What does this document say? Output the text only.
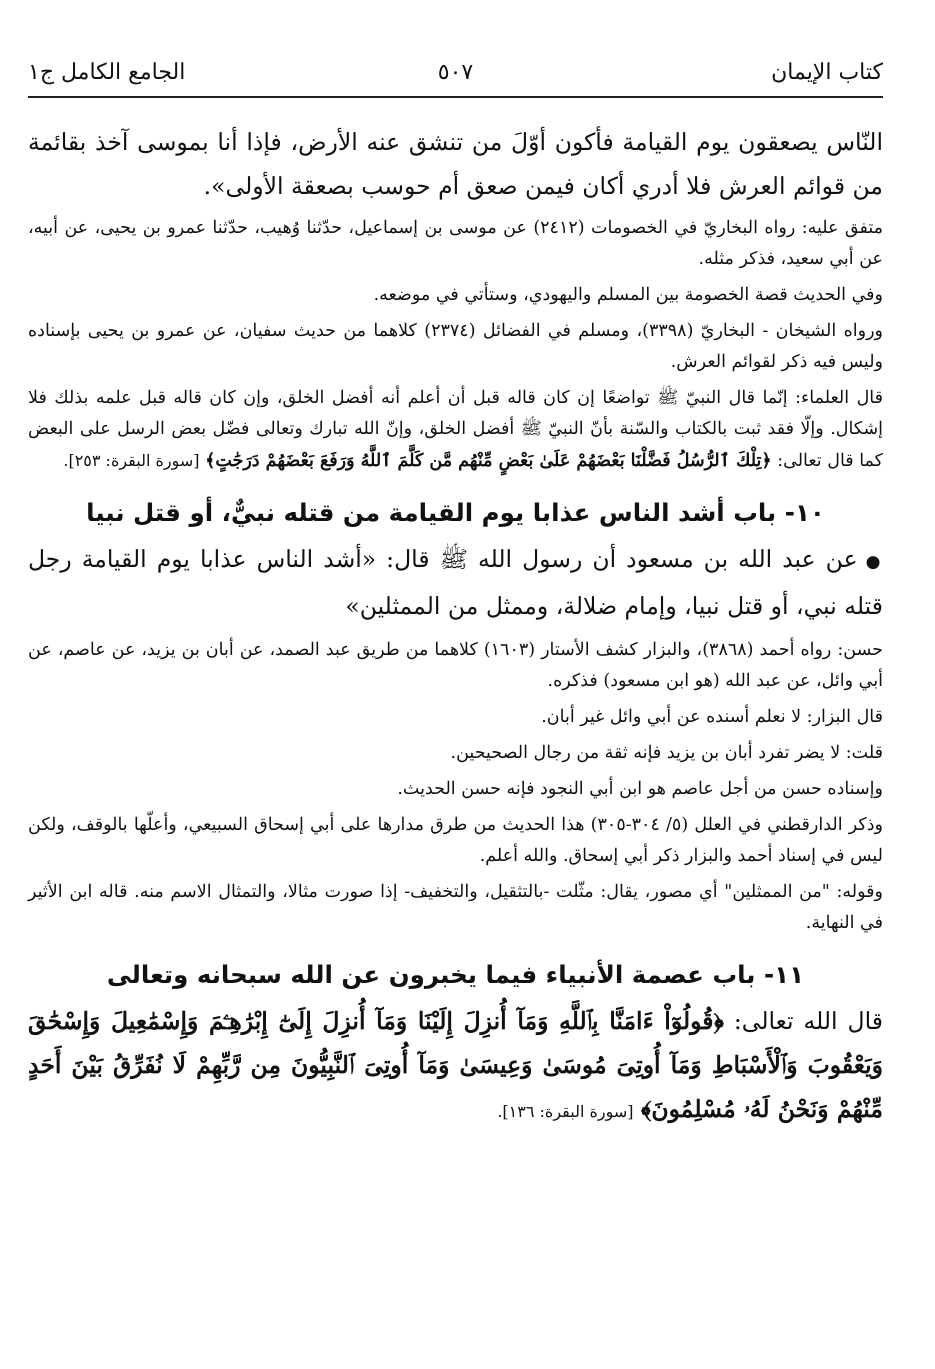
كتاب الإيمان
٥٠٧
الجامع الكامل ج١
النّاس يصعقون يوم القيامة فأكون أوّلَ من تنشق عنه الأرض، فإذا أنا بموسى آخذ بقائمة من قوائم العرش فلا أدري أكان فيمن صعق أم حوسب بصعقة الأولى».
متفق عليه: رواه البخاريّ في الخصومات (٢٤١٢) عن موسى بن إسماعيل، حدّثنا وُهيب، حدّثنا عمرو بن يحيى، عن أبيه، عن أبي سعيد، فذكر مثله.
وفي الحديث قصة الخصومة بين المسلم واليهودي، وستأتي في موضعه.
ورواه الشيخان - البخاريّ (٣٣٩٨)، ومسلم في الفضائل (٢٣٧٤) كلاهما من حديث سفيان، عن عمرو بن يحيى بإسناده وليس فيه ذكر لقوائم العرش.
قال العلماء: إنّما قال النبيّ ﷺ تواضعًا إن كان قاله قبل أن أعلم أنه أفضل الخلق، وإن كان قاله قبل علمه بذلك فلا إشكال. وإلّا فقد ثبت بالكتاب والسّنة بأنّ النبيّ ﷺ أفضل الخلق، وإنّ الله تبارك وتعالى فضّل بعض الرسل على البعض كما قال تعالى: ﴿تِلْكَ ٱلرُّسُلُ فَضَّلْنَا بَعْضَهُمْ عَلَىٰ بَعْضٍ مِّنْهُم مَّن كَلَّمَ ٱللَّهُ وَرَفَعَ بَعْضَهُمْ دَرَجَٰتٍ﴾ [سورة البقرة: ٢٥٣].
١٠- باب أشد الناس عذابا يوم القيامة من قتله نبيٌّ، أو قتل نبيا
●عن عبد الله بن مسعود أن رسول الله ﷺ قال: «أشد الناس عذابا يوم القيامة رجل قتله نبي، أو قتل نبيا، وإمام ضلالة، وممثل من الممثلين»
حسن: رواه أحمد (٣٨٦٨)، والبزار كشف الأستار (١٦٠٣) كلاهما من طريق عبد الصمد، عن أبان بن يزيد، عن عاصم، عن أبي وائل، عن عبد الله (هو ابن مسعود) فذكره.
قال البزار: لا نعلم أسنده عن أبي وائل غير أبان.
قلت: لا يضر تفرد أبان بن يزيد فإنه ثقة من رجال الصحيحين.
وإسناده حسن من أجل عاصم هو ابن أبي النجود فإنه حسن الحديث.
وذكر الدارقطني في العلل (٥/ ٣٠٤-٣٠٥) هذا الحديث من طرق مدارها على أبي إسحاق السبيعي، وأعلّها بالوقف، ولكن ليس في إسناد أحمد والبزار ذكر أبي إسحاق. والله أعلم.
وقوله: "من الممثلين" أي مصور، يقال: مثّلت -بالتثقيل، والتخفيف- إذا صورت مثالا، والتمثال الاسم منه. قاله ابن الأثير في النهاية.
١١- باب عصمة الأنبياء فيما يخبرون عن الله سبحانه وتعالى
قال الله تعالى: ﴿قُولُوٓاْ ءَامَنَّا بِٱللَّهِ وَمَآ أُنزِلَ إِلَيْنَا وَمَآ أُنزِلَ إِلَىٰٓ إِبْرَٰهِـۧمَ وَإِسْمَٰعِيلَ وَإِسْحَٰقَ وَيَعْقُوبَ وَٱلْأَسْبَاطِ وَمَآ أُوتِىَ مُوسَىٰ وَعِيسَىٰ وَمَآ أُوتِىَ ٱلنَّبِيُّونَ مِن رَّبِّهِمْ لَا نُفَرِّقُ بَيْنَ أَحَدٍ مِّنْهُمْ وَنَحْنُ لَهُۥ مُسْلِمُونَ﴾ [سورة البقرة: ١٣٦].
